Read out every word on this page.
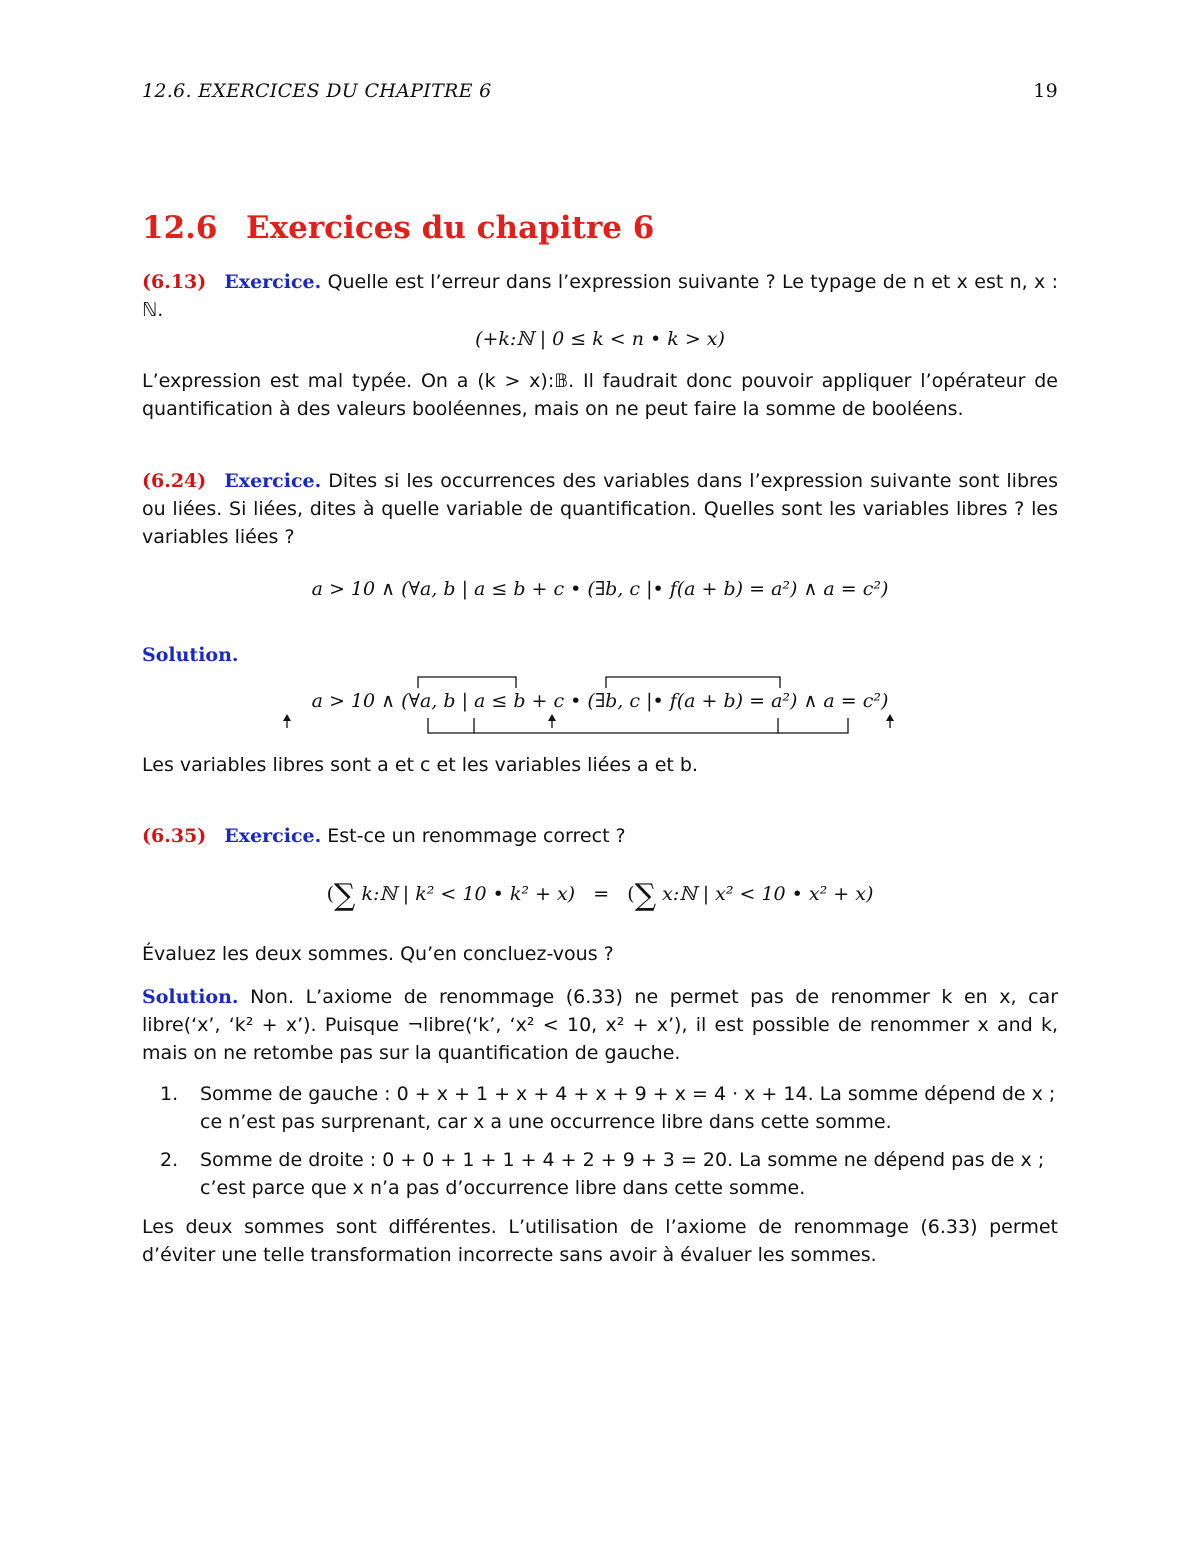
12.6. EXERCICES DU CHAPITRE 6	19
12.6 Exercices du chapitre 6

(6.13) Exercice. Quelle est l’erreur dans l’expression suivante ? Le typage de n et x est n, x : ℕ.

(+k:ℕ | 0 ≤ k < n • k > x)

L’expression est mal typée. On a (k > x):𝔹. Il faudrait donc pouvoir appliquer l’opérateur de quantification à des valeurs booléennes, mais on ne peut faire la somme de booléens.

(6.24) Exercice. Dites si les occurrences des variables dans l’expression suivante sont libres ou liées. Si liées, dites à quelle variable de quantification. Quelles sont les variables libres ? les variables liées ?

a > 10 ∧ (∀a, b | a ≤ b + c • (∃b, c |• f(a + b) = a²) ∧ a = c²)
Solution.
a > 10 ∧ (∀a, b | a ≤ b + c • (∃b, c |• f(a + b) = a²) ∧ a = c²)

Les variables libres sont a et c et les variables liées a et b.

(6.35) Exercice. Est-ce un renommage correct ?

(∑ k:ℕ | k² < 10 • k² + x) = (∑ x:ℕ | x² < 10 • x² + x)

Évaluez les deux sommes. Qu’en concluez-vous ?

Solution. Non. L’axiome de renommage (6.33) ne permet pas de renommer k en x, car libre(‘x’, ‘k² + x’). Puisque ¬libre(‘k’, ‘x² < 10, x² + x’), il est possible de renommer x and k, mais on ne retombe pas sur la quantification de gauche.

1. Somme de gauche : 0 + x + 1 + x + 4 + x + 9 + x = 4 · x + 14. La somme dépend de x ; ce n’est pas surprenant, car x a une occurrence libre dans cette somme.
2. Somme de droite : 0 + 0 + 1 + 1 + 4 + 2 + 9 + 3 = 20. La somme ne dépend pas de x ; c’est parce que x n’a pas d’occurrence libre dans cette somme.

Les deux sommes sont différentes. L’utilisation de l’axiome de renommage (6.33) permet d’éviter une telle transformation incorrecte sans avoir à évaluer les sommes.
